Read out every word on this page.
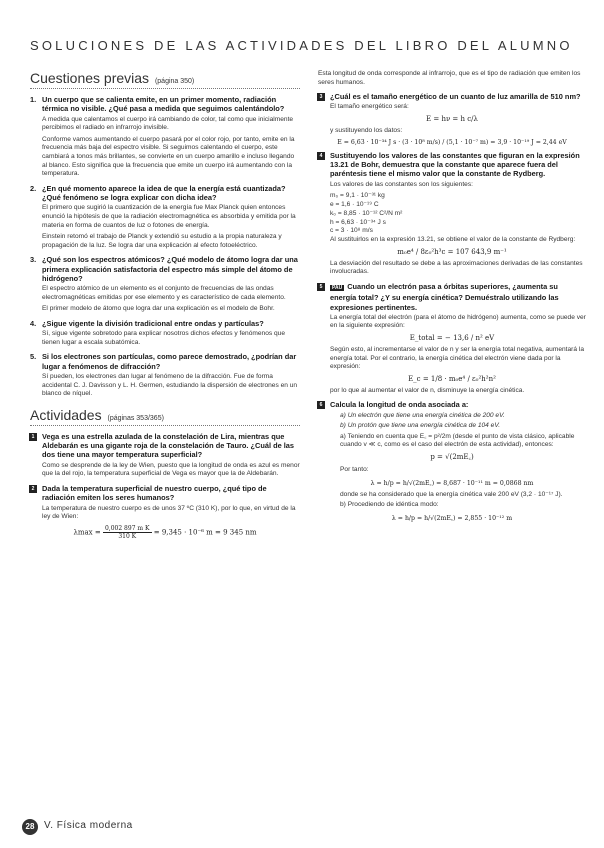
SOLUCIONES DE LAS ACTIVIDADES DEL LIBRO DEL ALUMNO
Cuestiones previas (página 350)
1. Un cuerpo que se calienta emite, en un primer momento, radiación térmica no visible. ¿Qué pasa a medida que seguimos calentándolo?
A medida que calentamos el cuerpo irá cambiando de color, tal como que inicialmente percibimos el radiado en infrarrojo invisible.
Conforme vamos aumentando el cuerpo pasará por el color rojo, por tanto, emite en la frecuencia más baja del espectro visible. Si seguimos calentando el cuerpo, este cambiará a tonos más brillantes, se convierte en un cuerpo amarillo e incluso llegando al blanco. Esto significa que la frecuencia que emite un cuerpo irá aumentando con la temperatura.
2. ¿En qué momento aparece la idea de que la energía está cuantizada? ¿Qué fenómeno se logra explicar con dicha idea?
El primero que sugirió la cuantización de la energía fue Max Planck quien entonces enunció la hipótesis de que la radiación electromagnética es absorbida y emitida por la materia en forma de cuantos de luz o fotones de energía.
Einstein retomó el trabajo de Planck y extendió su estudio a la propia naturaleza y propagación de la luz. Se logra dar una explicación al efecto fotoeléctrico.
3. ¿Qué son los espectros atómicos? ¿Qué modelo de átomo logra dar una primera explicación satisfactoria del espectro más simple del átomo de hidrógeno?
El espectro atómico de un elemento es el conjunto de frecuencias de las ondas electromagnéticas emitidas por ese elemento y es característico de cada elemento.
El primer modelo de átomo que logra dar una explicación es el modelo de Bohr.
4. ¿Sigue vigente la división tradicional entre ondas y partículas?
Sí, sigue vigente sobretodo para explicar nosotros dichos efectos y fenómenos que tienen lugar a escala subatómica.
5. Si los electrones son partículas, como parece demostrado, ¿podrían dar lugar a fenómenos de difracción?
Sí pueden, los electrones dan lugar al fenómeno de la difracción. Fue de forma accidental C. J. Davisson y L. H. Germen, estudiando la dispersión de electrones en un blanco de níquel.
Actividades (páginas 353/365)
1	Vega es una estrella azulada de la constelación de Lira, mientras que Aldebarán es una gigante roja de la constelación de Tauro. ¿Cuál de las dos tiene una mayor temperatura superficial?
Como se desprende de la ley de Wien, puesto que la longitud de onda es azul es menor que la del rojo, la temperatura superficial de Vega es mayor que la de Aldebarán.
2	Dada la temperatura superficial de nuestro cuerpo, ¿qué tipo de radiación emiten los seres humanos?
La temperatura de nuestro cuerpo es de unos 37 ºC (310 K), por lo que, en virtud de la ley de Wien:
$\lambda\max = \frac{\text{0,002 897 m K}}{310 K} = 9,345 \cdot 10^{-6}$ m = 9 345 nm
Esta longitud de onda corresponde al infrarrojo, que es el tipo de radiación que emiten los seres humanos.
3	¿Cuál es el tamaño energético de un cuanto de luz amarilla de 510 nm?
El tamaño energético será:
E = hν = h c/λ
y sustituyendo los datos:
E = 6,63 · 10⁻³⁴ J s · (3 · 10⁸ m/s) / (5,1 · 10⁻⁷ m) = 3,9 · 10⁻¹⁹ J = 2,44 eV
4	Sustituyendo los valores de las constantes que figuran en la expresión 13.21 de Bohr, demuestra que la constante que aparece fuera del paréntesis tiene el mismo valor que la constante de Rydberg.
Los valores de las constantes son los siguientes:
m₀ = 9,1 · 10⁻³¹ kg
e = 1,6 · 10⁻¹⁹ C
k₀ = 8,85 · 10⁻¹² C²/N m²
h = 6,63 · 10⁻³⁴ J s
c = 3 · 10⁸ m/s
Al sustituirlos en la expresión 13.21, se obtiene el valor de la constante de Rydberg:
m₀e⁴ / 8ε₀²h³c = 107 643,9 m⁻¹
La desviación del resultado se debe a las aproximaciones derivadas de las constantes involucradas.
5	PAU Cuando un electrón pasa a órbitas superiores, ¿aumenta su energía total? ¿Y su energía cinética? Demuéstralo utilizando las expresiones pertinentes.
La energía total del electrón (para el átomo de hidrógeno) aumenta, como se puede ver en la siguiente expresión:
E_total = − 13,6 / n² eV
Según esto, al incrementarse el valor de n y ser la energía total negativa, aumentará la energía total. Por el contrario, la energía cinética del electrón viene dada por la expresión:
E_c = 1/8 · m₀e⁴ / ε₀²h²n²
por lo que al aumentar el valor de n, disminuye la energía cinética.
6	Calcula la longitud de onda asociada a:
a) Un electrón que tiene una energía cinética de 200 eV.
b) Un protón que tiene una energía cinética de 104 eV.
a) Teniendo en cuenta que E꜀ = p²/2m (desde el punto de vista clásico, aplicable cuando v ≪ c, como es el caso del electrón de esta actividad), entonces:
p = √(2mE꜀)
Por tanto:
λ = h/p = h/√(2mE꜀) = 8,687 · 10⁻¹¹ m = 0,0868 nm
donde se ha considerado que la energía cinética vale 200 eV (3,2 · 10⁻¹⁷ J).
b) Procediendo de idéntica modo:
λ = h/p = h/√(2mE꜀) = 2,855 · 10⁻¹² m
28 V. Física moderna
